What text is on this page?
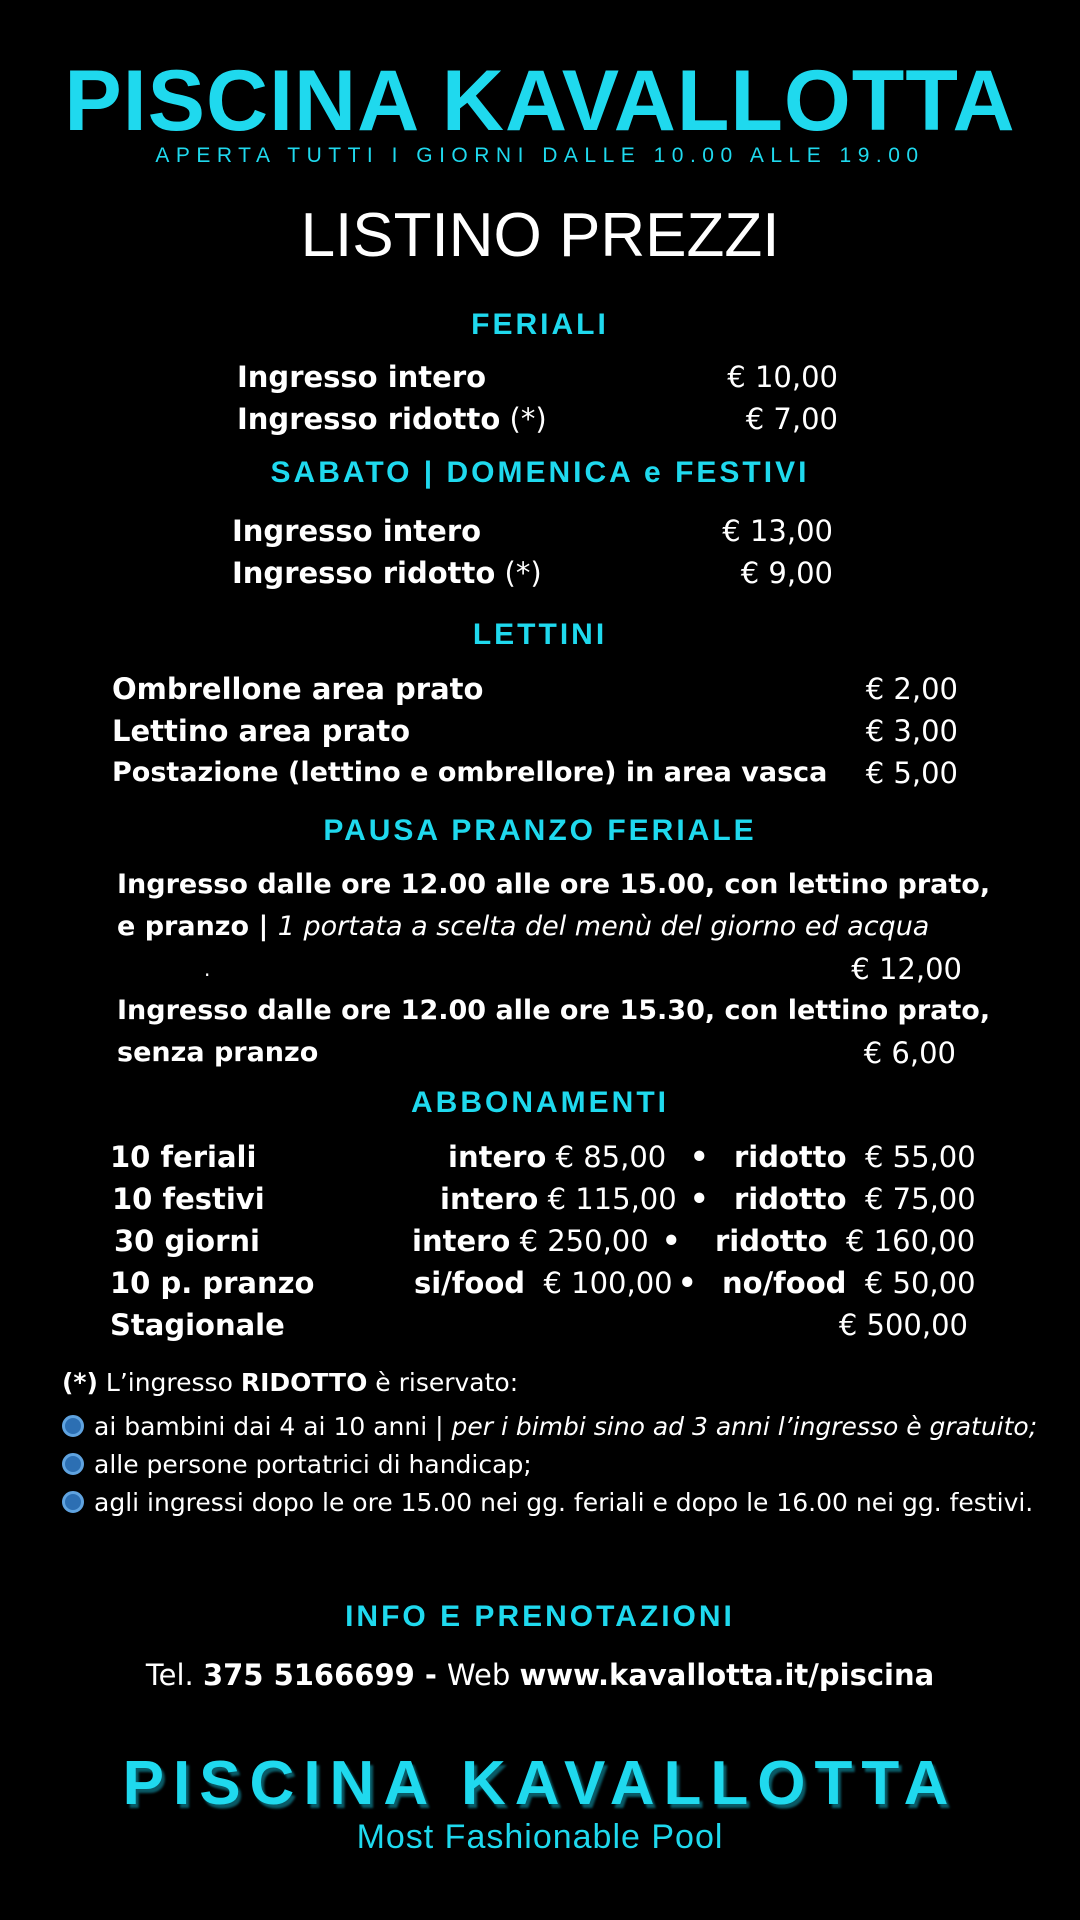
PISCINA KAVALLOTTA
APERTA TUTTI I GIORNI DALLE 10.00 ALLE 19.00
LISTINO PREZZI
FERIALI
Ingresso intero	€ 10,00
Ingresso ridotto (*)	€ 7,00
SABATO | DOMENICA e FESTIVI
Ingresso intero	€ 13,00
Ingresso ridotto (*)	€ 9,00
LETTINI
Ombrellone area prato	€ 2,00
Lettino area prato	€ 3,00
Postazione (lettino e ombrellore) in area vasca € 5,00
PAUSA PRANZO FERIALE
Ingresso dalle ore 12.00 alle ore 15.00, con lettino prato,
e pranzo | 1 portata a scelta del menù del giorno ed acqua
.	€ 12,00
Ingresso dalle ore 12.00 alle ore 15.30, con lettino prato,
senza pranzo	€ 6,00
ABBONAMENTI
10 feriali	intero € 85,00 • ridotto € 55,00
10 festivi	intero € 115,00 • ridotto € 75,00
30 giorni	intero € 250,00 • ridotto € 160,00
10 p. pranzo	si/food € 100,00 • no/food € 50,00
Stagionale	€ 500,00
(*) L’ingresso RIDOTTO è riservato:
ai bambini dai 4 ai 10 anni | per i bimbi sino ad 3 anni l’ingresso è gratuito;
alle persone portatrici di handicap;
agli ingressi dopo le ore 15.00 nei gg. feriali e dopo le 16.00 nei gg. festivi.
INFO E PRENOTAZIONI
Tel. 375 5166699 - Web www.kavallotta.it/piscina
PISCINA KAVALLOTTA
Most Fashionable Pool
